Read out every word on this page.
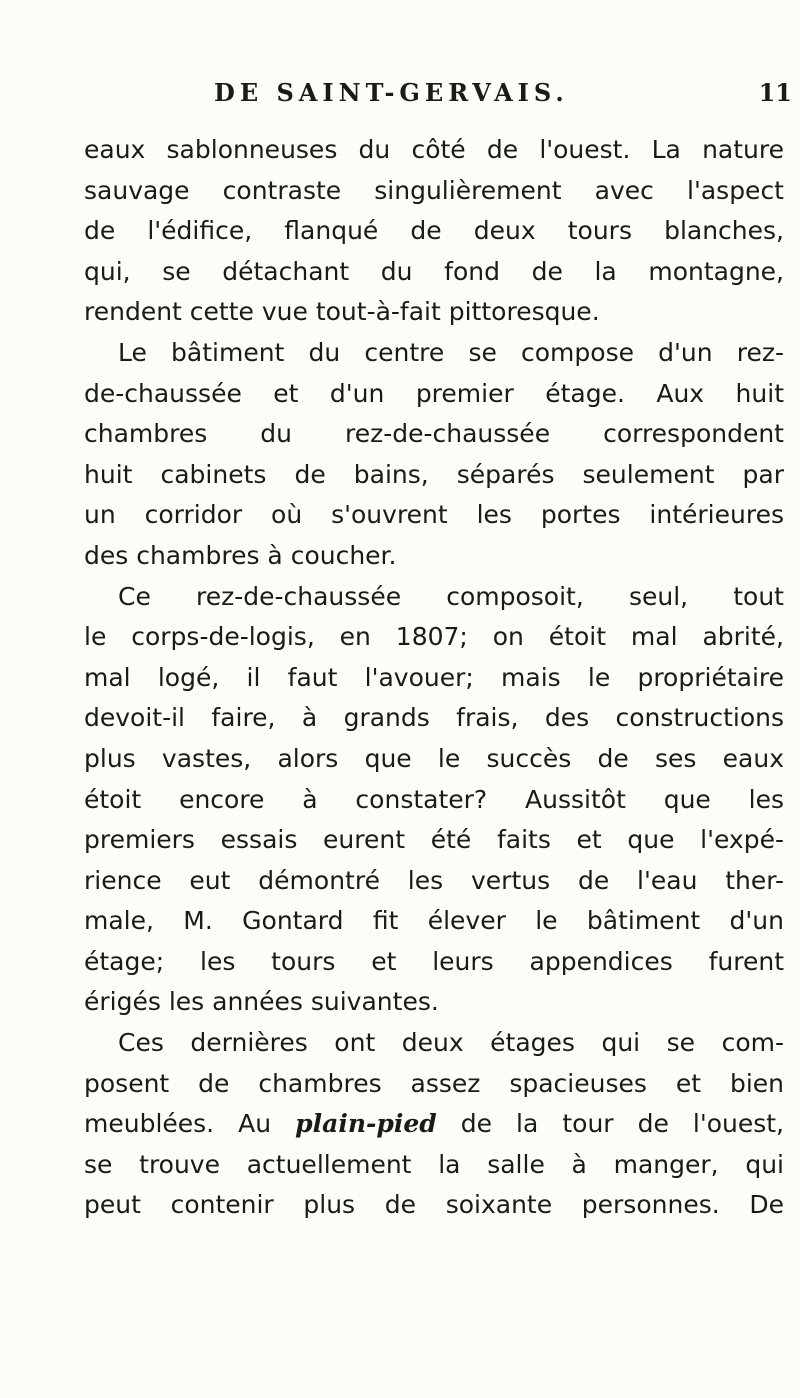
DE SAINT-GERVAIS.	11
eaux sablonneuses du côté de l'ouest. La nature
sauvage contraste singulièrement avec l'aspect
de l'édifice, flanqué de deux tours blanches,
qui, se détachant du fond de la montagne,
rendent cette vue tout-à-fait pittoresque.
Le bâtiment du centre se compose d'un rez-
de-chaussée et d'un premier étage. Aux huit
chambres du rez-de-chaussée correspondent
huit cabinets de bains, séparés seulement par
un corridor où s'ouvrent les portes intérieures
des chambres à coucher.
Ce rez-de-chaussée composoit, seul, tout
le corps-de-logis, en 1807; on étoit mal abrité,
mal logé, il faut l'avouer; mais le propriétaire
devoit-il faire, à grands frais, des constructions
plus vastes, alors que le succès de ses eaux
étoit encore à constater? Aussitôt que les
premiers essais eurent été faits et que l'expé-
rience eut démontré les vertus de l'eau ther-
male, M. Gontard fit élever le bâtiment d'un
étage; les tours et leurs appendices furent
érigés les années suivantes.
Ces dernières ont deux étages qui se com-
posent de chambres assez spacieuses et bien
meublées. Au plain-pied de la tour de l'ouest,
se trouve actuellement la salle à manger, qui
peut contenir plus de soixante personnes. De
